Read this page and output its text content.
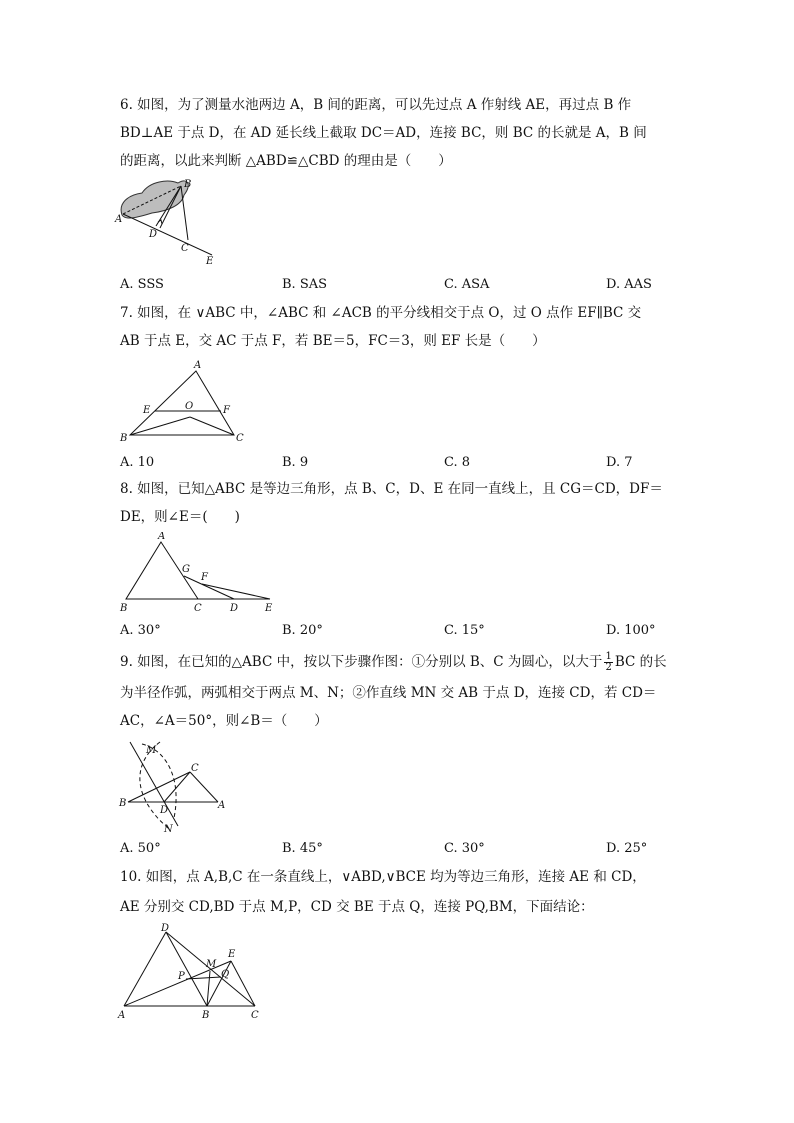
6. 如图，为了测量水池两边 A，B 间的距离，可以先过点 A 作射线 AE，再过点 B 作
BD⊥AE 于点 D，在 AD 延长线上截取 DC＝AD，连接 BC，则 BC 的长就是 A，B 间
的距离，以此来判断 △ABD≌△CBD 的理由是（　　）
A
B
D
C
E
A. SSS	B. SAS	C. ASA	D. AAS
7. 如图，在 ∨ABC 中，∠ABC 和 ∠ACB 的平分线相交于点 O，过 O 点作 EF∥BC 交
AB 于点 E，交 AC 于点 F，若 BE＝5，FC＝3，则 EF 长是（　　）
A
E	O	F
B	C
A. 10	B. 9	C. 8	D. 7
8. 如图，已知△ABC 是等边三角形，点 B、C，D、E 在同一直线上，且 CG＝CD，DF＝
DE，则∠E＝(　　)
A
G
F
B	C	D	E
A. 30°	B. 20°	C. 15°	D. 100°
9. 如图，在已知的△ABC 中，按以下步骤作图：①分别以 B、C 为圆心，以大于 $\frac{1}{2}$ BC 的长
为半径作弧，两弧相交于两点 M、N；②作直线 MN 交 AB 于点 D，连接 CD，若 CD＝
AC，∠A＝50°，则∠B＝（　　）
M
C
B
D	A
N
A. 50°	B. 45°	C. 30°	D. 25°
10. 如图，点 A,B,C 在一条直线上，∨ABD,∨BCE 均为等边三角形，连接 AE 和 CD，
AE 分别交 CD,BD 于点 M,P，CD 交 BE 于点 Q，连接 PQ,BM，下面结论：
D
E
M
Q
P
A	B	C
